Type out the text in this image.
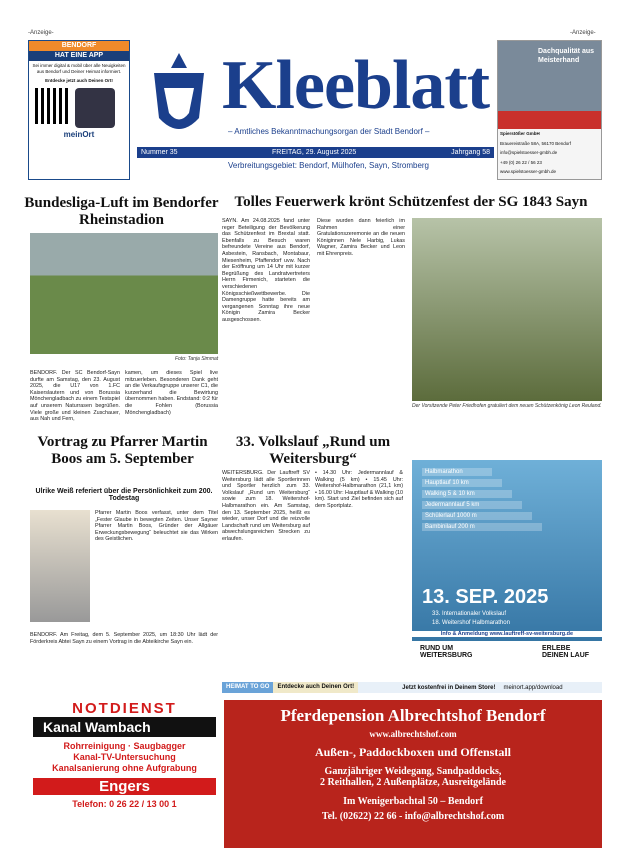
-Anzeige-	-Anzeige-
BENDORF
HAT EINE APP
Sei immer digital & mobil über alle Neuigkeiten aus Bendorf und Deiner Heimat informiert.
Entdecke jetzt auch Deinen Ort!
meinOrt
Kleeblatt
– Amtliches Bekanntmachungsorgan der Stadt Bendorf –
Nummer 35	FREITAG, 29. August 2025	Jahrgang 58
Verbreitungsgebiet: Bendorf, Mülhofen, Sayn, Stromberg
Dachqualität aus Meisterhand
Spierstößer GmbH
Brauereistraße 58A, 56170 Bendorf
info@spielstoesser-gmbh.de
+49 (0) 26 22 / 56 23
www.spielstoesser-gmbh.de
Bundesliga-Luft im Bendorfer Rheinstadion
Foto: Tanja Simmat
BENDORF. Der SC Bendorf-Sayn durfte am Samstag, den 23. August 2025, die U17 von 1.FC Kaiserslautern und von Borussia Mönchengladbach zu einem Testspiel auf unserem Naturrasen begrüßen. Viele große und kleinen Zuschauer, aus Nah und Fern,
kamen, um dieses Spiel live mitzuerleben. Besonderen Dank geht an die Verkaufsgruppe unserer C1, die kurzerhand die Bewirtung übernommen haben. Endstand: 0:2 für die Fohlen (Borussia Mönchengladbach)
Tolles Feuerwerk krönt Schützenfest der SG 1843 Sayn
SAYN. Am 24.08.2025 fand unter reger Beteiligung der Bevölkerung das Schützenfest im Brextal statt. Ebenfalls zu Besuch waren befreundete Vereine aus Bendorf, Asbestein, Ransbach, Montabaur, Miesenheim, Pfaffendorf uvw. Nach der Eröffnung um 14 Uhr mit kurzer Begrüßung des Landratvertreters Herrn Firmenich, starteten die verschiedenen Königsschießwettbewerbe. Die Damengruppe hatte bereits am vergangenen Sonntag ihre neue Königin Zamira Becker ausgeschossen.
Diese wurden dann feierlich im Rahmen einer Gratulationszeremonie an die neuen Königinnen Nele Harbig, Lukas Wagner, Zamira Becker und Leon mit Ehrenpreis.
Der Vorsitzende Peter Friedhofen gratuliert dem neuen Schützenkönig Leon Reuland.
Vortrag zu Pfarrer Martin Boos am 5. September
Ulrike Weiß referiert über die Persönlichkeit zum 200. Todestag
Pfarrer Martin Boos verfasst, unter dem Titel „Fester Glaube in bewegten Zeiten. Unser Sayner Pfarrer Martin Boos, Gründer der Allgäuer Erweckungsbewegung“ beleuchtet sie das Wirken des Geistlichen.
BENDORF. Am Freitag, dem 5. September 2025, um 18:30 Uhr lädt der Förderkreis Abtei Sayn zu einem Vortrag in die Abteikirche Sayn ein.
33. Volkslauf „Rund um Weitersburg“
WEITERSBURG. Der Lauftreff SV Weitersburg lädt alle Sportlerinnen und Sportler herzlich zum 33. Volkslauf „Rund um Weitersburg“ sowie zum 18. Weitershof-Halbmarathon ein. Am Samstag, den 13. September 2025, heißt es wieder, unser Dorf und die reizvolle Landschaft rund um Weitersburg auf abwechslungsreichen Strecken zu erlaufen.
• 14.30 Uhr: Jedermannlauf & Walking (5 km) • 15.45 Uhr: Weitershof-Halbmarathon (21,1 km) • 16.00 Uhr: Hauptlauf & Walking (10 km). Start und Ziel befinden sich auf dem Sportplatz.
Halbmarathon
Hauptlauf 10 km
Walking 5 & 10 km
Jedermannlauf 5 km
Schülerlauf 1000 m
Bambinilauf 200 m
13. SEP. 2025
33. Internationaler Volkslauf
18. Weitershof Halbmarathon
Info & Anmeldung www.lauftreff-sv-weitersburg.de
RUND UM WEITERSBURG
ERLEBE DEINEN LAUF
HEIMAT TO GO	Entdecke auch Deinen Ort!	Jetzt kostenfrei in Deinem Store!	meinort.app/download
NOTDIENST
Kanal Wambach
Rohrreinigung · Saugbagger
Kanal-TV-Untersuchung
Kanalsanierung ohne Aufgrabung
Engers
Telefon: 0 26 22 / 13 00 1
Pferdepension Albrechtshof Bendorf
www.albrechtshof.com
Außen-, Paddockboxen und Offenstall
Ganzjähriger Weidegang, Sandpaddocks,
2 Reithallen, 2 Außenplätze, Ausreitgelände
Im Wenigerbachtal 50 – Bendorf
Tel. (02622) 22 66 - info@albrechtshof.com
